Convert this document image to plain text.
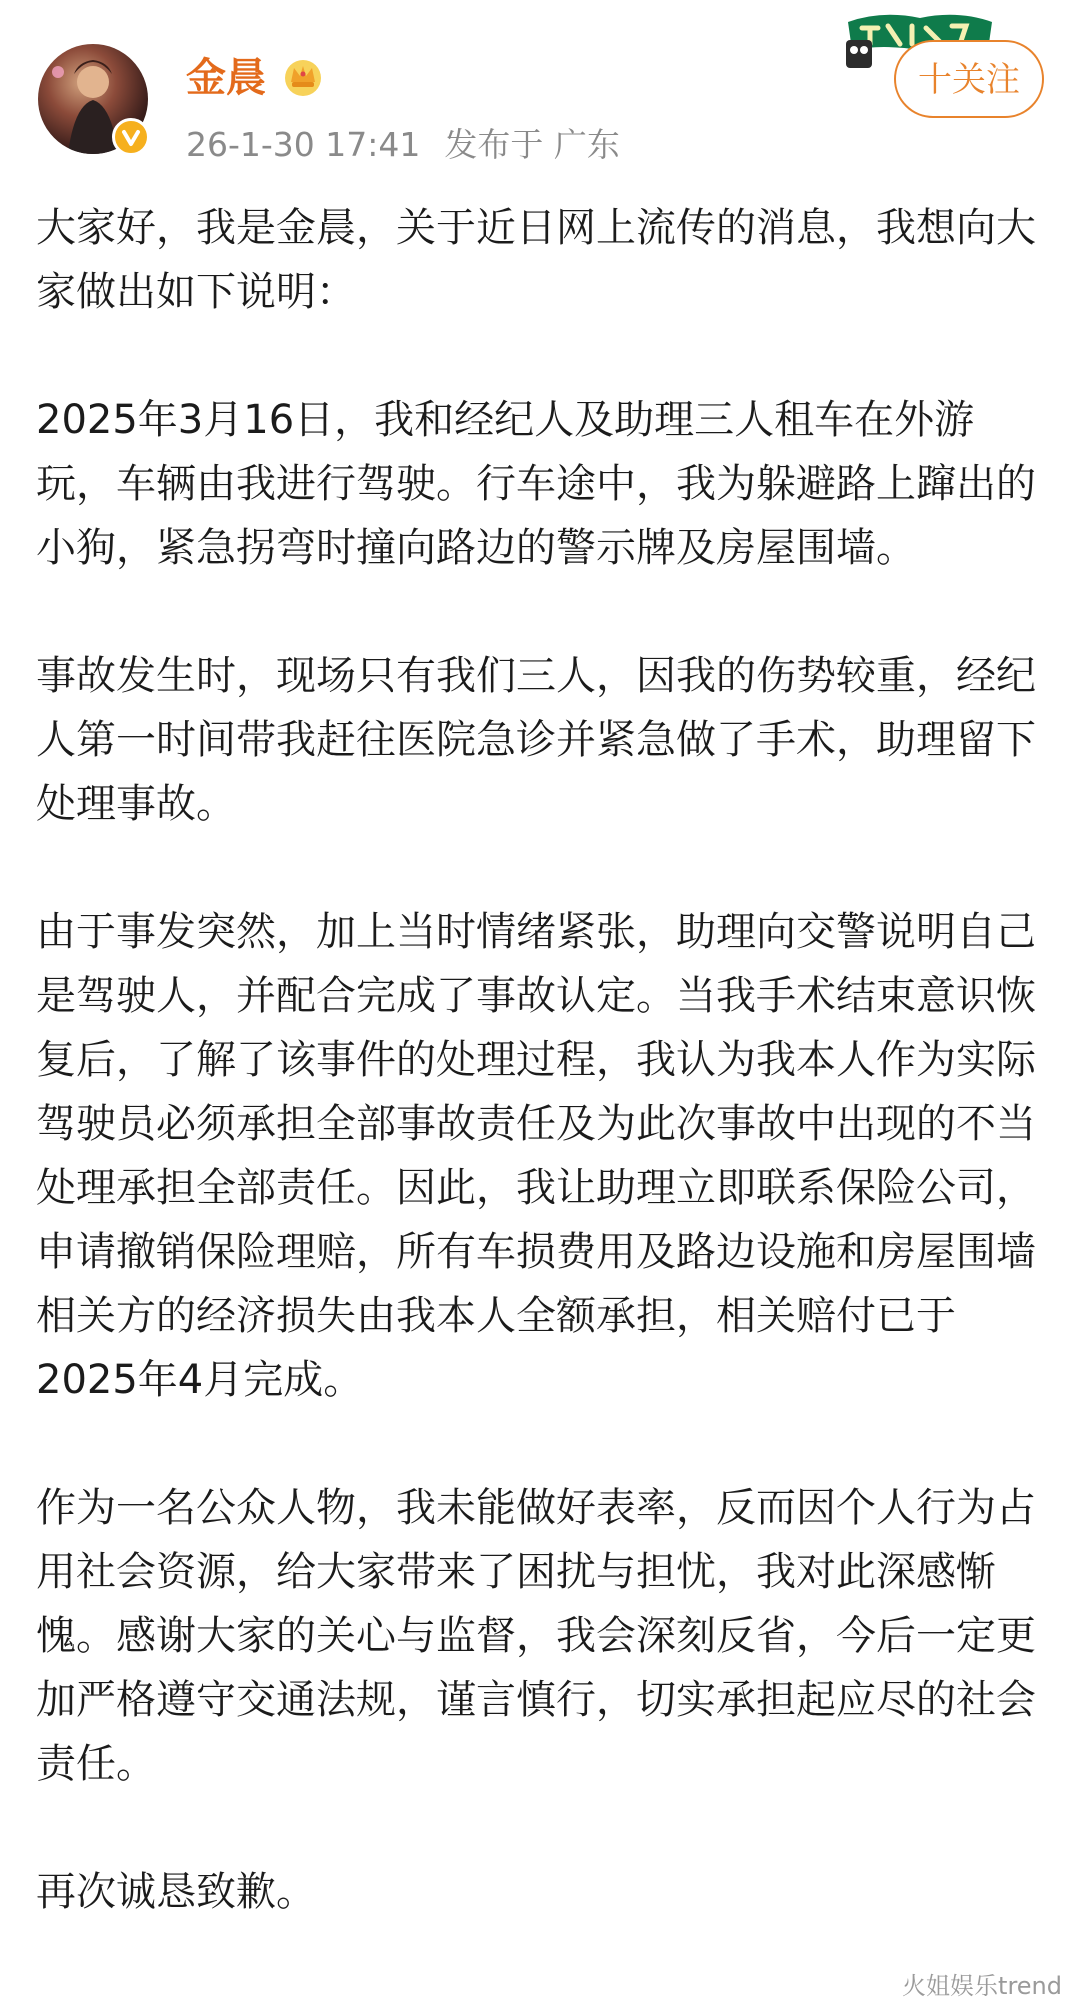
金晨
26-1-30 17:41 发布于 广东
十关注

大家好，我是金晨，关于近日网上流传的消息，我想向大家做出如下说明：

2025年3月16日，我和经纪人及助理三人租车在外游玩，车辆由我进行驾驶。行车途中，我为躲避路上蹿出的小狗，紧急拐弯时撞向路边的警示牌及房屋围墙。

事故发生时，现场只有我们三人，因我的伤势较重，经纪人第一时间带我赶往医院急诊并紧急做了手术，助理留下处理事故。

由于事发突然，加上当时情绪紧张，助理向交警说明自己是驾驶人，并配合完成了事故认定。当我手术结束意识恢复后，了解了该事件的处理过程，我认为我本人作为实际驾驶员必须承担全部事故责任及为此次事故中出现的不当处理承担全部责任。因此，我让助理立即联系保险公司，申请撤销保险理赔，所有车损费用及路边设施和房屋围墙相关方的经济损失由我本人全额承担，相关赔付已于2025年4月完成。

作为一名公众人物，我未能做好表率，反而因个人行为占用社会资源，给大家带来了困扰与担忧，我对此深感惭愧。感谢大家的关心与监督，我会深刻反省，今后一定更加严格遵守交通法规，谨言慎行，切实承担起应尽的社会责任。

再次诚恳致歉。

火姐娱乐trend
